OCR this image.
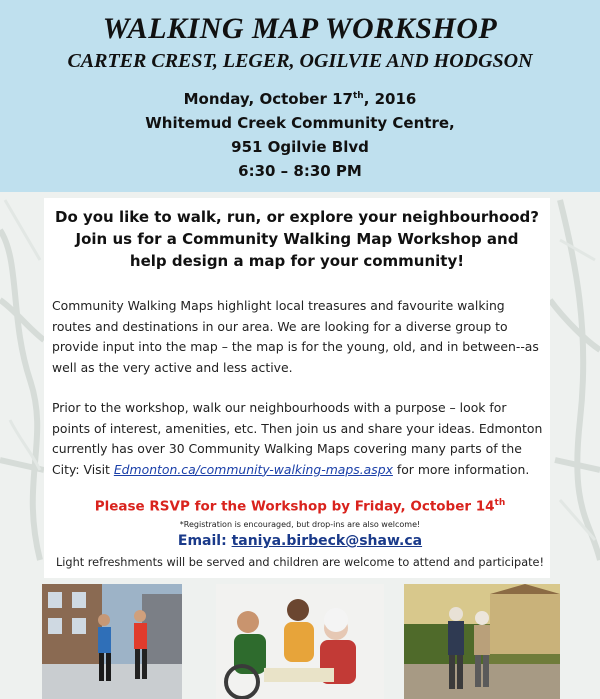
WALKING MAP WORKSHOP
CARTER CREST, LEGER, OGILVIE AND HODGSON
Monday, October 17th, 2016
Whitemud Creek Community Centre,
951 Ogilvie Blvd
6:30 – 8:30 PM
Do you like to walk, run, or explore your neighbourhood?
Join us for a Community Walking Map Workshop and
help design a map for your community!
Community Walking Maps highlight local treasures and favourite walking routes and destinations in our area. We are looking for a diverse group to provide input into the map – the map is for the young, old, and in between--as well as the very active and less active.
Prior to the workshop, walk our neighbourhoods with a purpose – look for points of interest, amenities, etc. Then join us and share your ideas. Edmonton currently has over 30 Community Walking Maps covering many parts of the City: Visit Edmonton.ca/community-walking-maps.aspx for more information.
Please RSVP for the Workshop by Friday, October 14th
*Registration is encouraged, but drop-ins are also welcome!
Email: taniya.birbeck@shaw.ca
Light refreshments will be served and children are welcome to attend and participate!
